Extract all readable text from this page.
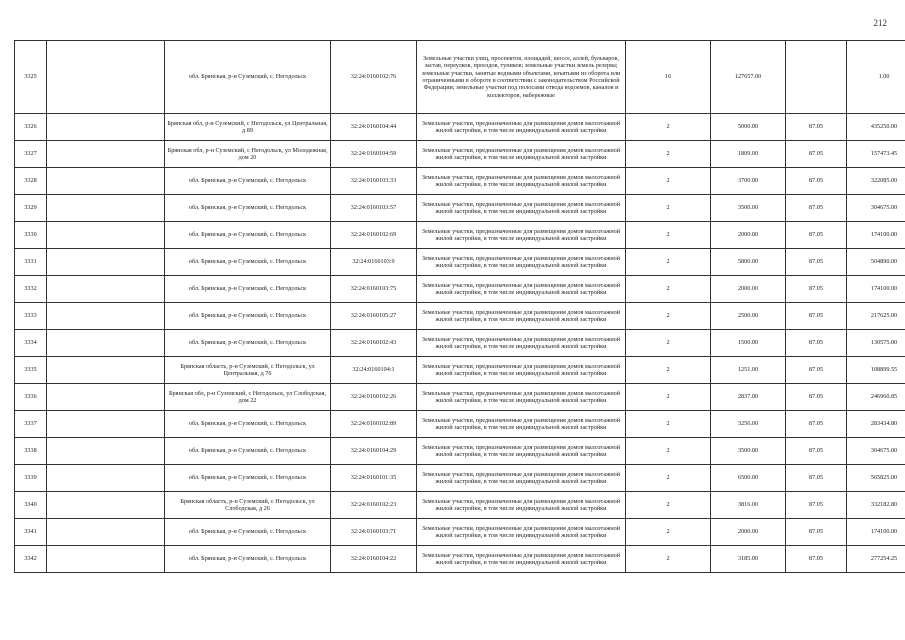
212
3325		обл. Брянская, р-н Суземский, с. Негодольск	32:24:0160102:76	Земельные участки улиц, проспектов, площадей, шоссе, аллей, бульваров, застав, переулков, проездов, тупиков; земельные участки земель резерва; земельные участки, занятые водными объектами, изъятыми из оборота или ограниченными в обороте в соответствии с законодательством Российской Федерации; земельные участки под полосами отвода водоемов, каналов и коллекторов, набережные	16	127657.00		1.00
3326		Брянская обл, р-н Суземский, с Негодольск, ул Центральная, д 89	32:24:0160104:44	Земельные участки, предназначенные для размещения домов малоэтажной жилой застройки, в том числе индивидуальной жилой застройки	2	5000.00	87.05	435250.00
3327		Брянская обл, р-н Суземский, с Негодольск, ул Молодежная, дом 20	32:24:0160104:59	Земельные участки, предназначенные для размещения домов малоэтажной жилой застройки, в том числе индивидуальной жилой застройки	2	1809.00	87.05	157473.45
3328		обл. Брянская, р-н Суземский, с. Негодольск	32:24:0160103:33	Земельные участки, предназначенные для размещения домов малоэтажной жилой застройки, в том числе индивидуальной жилой застройки	2	3700.00	87.05	322085.00
3329		обл. Брянская, р-н Суземский, с. Негодольск	32:24:0160103:57	Земельные участки, предназначенные для размещения домов малоэтажной жилой застройки, в том числе индивидуальной жилой застройки	2	3500.00	87.05	304675.00
3330		обл. Брянская, р-н Суземский, с. Негодольск	32:24:0160102:69	Земельные участки, предназначенные для размещения домов малоэтажной жилой застройки, в том числе индивидуальной жилой застройки	2	2000.00	87.05	174100.00
3331		обл. Брянская, р-н Суземский, с. Негодольск	32:24:0160103:9	Земельные участки, предназначенные для размещения домов малоэтажной жилой застройки, в том числе индивидуальной жилой застройки	2	5800.00	87.05	504890.00
3332		обл. Брянская, р-н Суземский, с. Негодольск	32:24:0160103:75	Земельные участки, предназначенные для размещения домов малоэтажной жилой застройки, в том числе индивидуальной жилой застройки	2	2000.00	87.05	174100.00
3333		обл. Брянская, р-н Суземский, с. Негодольск	32:24:0160105:27	Земельные участки, предназначенные для размещения домов малоэтажной жилой застройки, в том числе индивидуальной жилой застройки	2	2500.00	87.05	217625.00
3334		обл. Брянская, р-н Суземский, с. Негодольск	32:24:0160102:43	Земельные участки, предназначенные для размещения домов малоэтажной жилой застройки, в том числе индивидуальной жилой застройки	2	1500.00	87.05	130575.00
3335		Брянская область, р-н Суземский, с Негодольск, ул Центральная, д 76	32:24:0160104:1	Земельные участки, предназначенные для размещения домов малоэтажной жилой застройки, в том числе индивидуальной жилой застройки	2	1251.00	87.05	108899.55
3336		Брянская обл, р-н Суземский, с Негодольск, ул Слободская, дом 22	32:24:0160102:26	Земельные участки, предназначенные для размещения домов малоэтажной жилой застройки, в том числе индивидуальной жилой застройки	2	2837.00	87.05	246960.85
3337		обл. Брянская, р-н Суземский, с. Негодольск	32:24:0160102:89	Земельные участки, предназначенные для размещения домов малоэтажной жилой застройки, в том числе индивидуальной жилой застройки	2	3256.00	87.05	283434.80
3338		обл. Брянская, р-н Суземский, с. Негодольск	32:24:0160104:29	Земельные участки, предназначенные для размещения домов малоэтажной жилой застройки, в том числе индивидуальной жилой застройки	2	3500.00	87.05	304675.00
3339		обл. Брянская, р-н Суземский, с. Негодольск	32:24:0160101:35	Земельные участки, предназначенные для размещения домов малоэтажной жилой застройки, в том числе индивидуальной жилой застройки	2	6500.00	87.05	565825.00
3340		Брянская область, р-н Суземский, с Негодольск, ул Слободская, д 26	32:24:0160102:23	Земельные участки, предназначенные для размещения домов малоэтажной жилой застройки, в том числе индивидуальной жилой застройки	2	3816.00	87.05	332182.80
3341		обл. Брянская, р-н Суземский, с. Негодольск	32:24:0160103:71	Земельные участки, предназначенные для размещения домов малоэтажной жилой застройки, в том числе индивидуальной жилой застройки	2	2000.00	87.05	174100.00
3342		обл. Брянская, р-н Суземский, с. Негодольск	32:24:0160104:22	Земельные участки, предназначенные для размещения домов малоэтажной жилой застройки, в том числе индивидуальной жилой застройки	2	3185.00	87.05	277254.25
